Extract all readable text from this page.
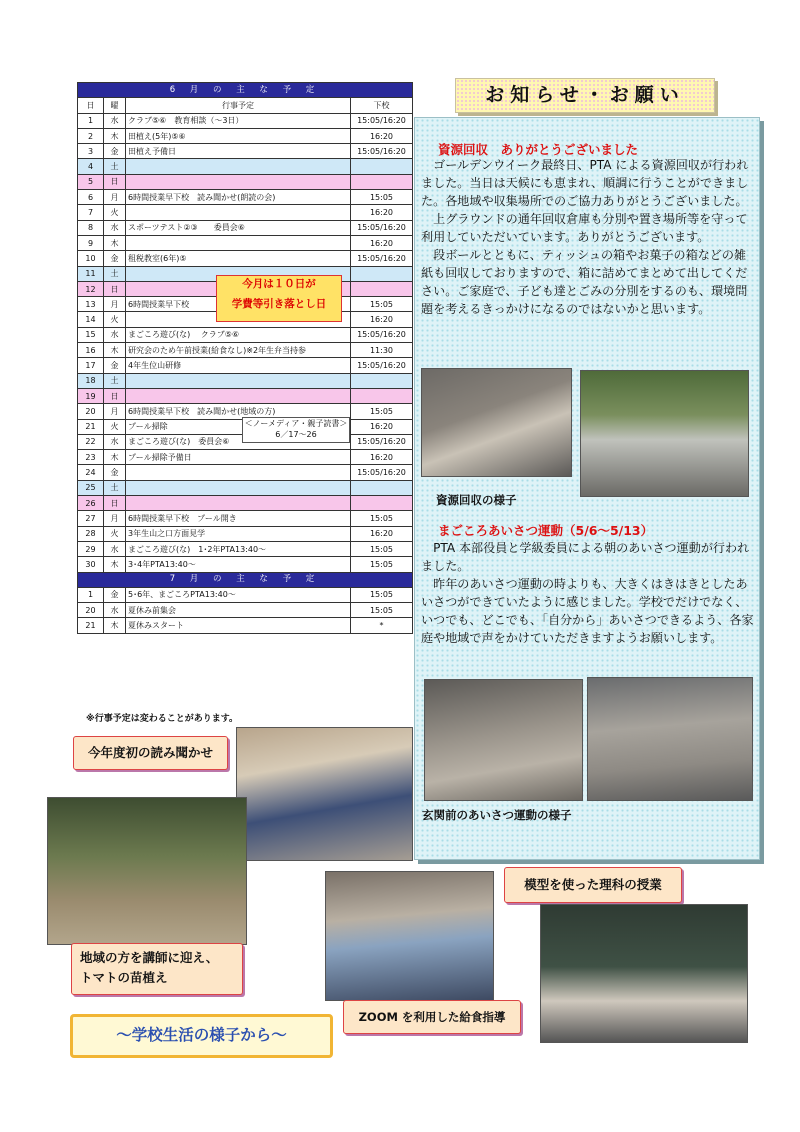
6 月 の 主 な 予 定			
日	曜	行事予定	下校
1	水	クラブ⑤⑥　教育相談（～3日）	15:05/16:20
2	木	田植え(5年)⑤⑥	16:20
3	金	田植え予備日	15:05/16:20
4	土		
5	日		
6	月	6時間授業早下校　読み聞かせ(朗読の会)	15:05
7	火		16:20
8	水	スポーツテスト②③　　委員会⑥	15:05/16:20
9	木		16:20
10	金	租税教室(6年)⑤	15:05/16:20
11	土		
12	日		
13	月	6時間授業早下校	15:05
14	火		16:20
15	水	まごころ遊び(な)　 クラブ⑤⑥	15:05/16:20
16	木	研究会のため午前授業(給食なし)※2年生弁当持参	11:30
17	金	4年生位山研修	15:05/16:20
18	土		
19	日		
20	月	6時間授業早下校　読み聞かせ(地域の方)	15:05
21	火	プール掃除	16:20
22	水	まごころ遊び(な)　委員会⑥	15:05/16:20
23	木	プール掃除予備日	16:20
24	金		15:05/16:20
25	土		
26	日		
27	月	6時間授業早下校　プール開き	15:05
28	火	3年生山之口方面見学	16:20
29	水	まごころ遊び(な)　1･2年PTA13:40～	15:05
30	木	3･4年PTA13:40～	15:05
7 月 の 主 な 予 定			
1	金	5･6年、まごころPTA13:40～	15:05
20	水	夏休み前集会	15:05
21	木	夏休みスタート	*
今月は１０日が
学費等引き落とし日
＜ノーメディア・親子読書＞
6／17～26
※行事予定は変わることがあります。
お知らせ・お願い
資源回収　ありがとうございました
　ゴールデンウイーク最終日、PTA による資源回収が行われました。当日は天候にも恵まれ、順調に行うことができました。各地域や収集場所でのご協力ありがとうございました。
　上グラウンドの通年回収倉庫も分別や置き場所等を守って利用していただいています。ありがとうございます。
　段ボールとともに、ティッシュの箱やお菓子の箱などの雑紙も回収しておりますので、箱に詰めてまとめて出してください。ご家庭で、子ども達とごみの分別をするのも、環境問題を考えるきっかけになるのではないかと思います。
資源回収の様子
まごころあいさつ運動（5/6～5/13）
　PTA 本部役員と学級委員による朝のあいさつ運動が行われました。
　昨年のあいさつ運動の時よりも、大きくはきはきとしたあいさつができていたように感じました。学校でだけでなく、いつでも、どこでも、「自分から」あいさつできるよう、各家庭や地域で声をかけていただきますようお願いします。
玄関前のあいさつ運動の様子
今年度初の読み聞かせ
地域の方を講師に迎え、
トマトの苗植え
ZOOM を利用した給食指導
模型を使った理科の授業
～学校生活の様子から～
